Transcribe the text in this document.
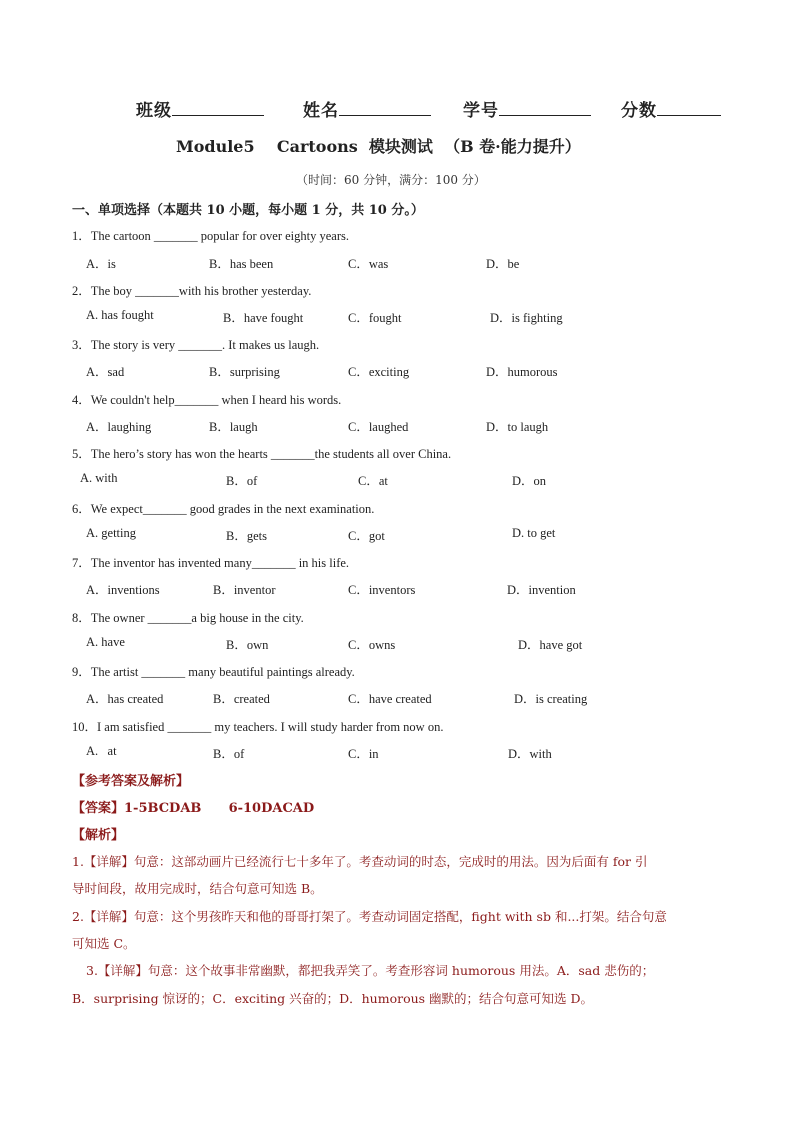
班级	姓名	学号	分数
Module5    Cartoons  模块测试  （B 卷·能力提升）
（时间：60 分钟，满分：100 分）
一、单项选择（本题共 10 小题，每小题 1 分，共 10 分。）
1．The cartoon _______ popular for over eighty years.
A．is	B．has been	C．was	D．be
2．The boy _______with his brother yesterday.
A. has fought	B．have fought	C．fought	D．is fighting
3．The story is very _______. It makes us laugh.
A．sad	B．surprising	C．exciting	D．humorous
4．We couldn't help_______ when I heard his words.
A．laughing	B．laugh	C．laughed	D．to laugh
5．The hero’s story has won the hearts _______the students all over China.
A. with	B．of	C．at	D．on
6．We expect_______ good grades in the next examination.
A. getting	B．gets	C．got	D. to get
7．The inventor has invented many_______ in his life.
A．inventions	B．inventor	C．inventors	D．invention
8．The owner _______a big house in the city.
A. have	B．own	C．owns	D．have got
9．The artist _______ many beautiful paintings already.
A．has created	B．created	C．have created	D．is creating
10．I am satisfied _______ my teachers. I will study harder from now on.
A.   at	B．of	C．in	D．with
【参考答案及解析】
【答案】1-5BCDAB      6-10DACAD
【解析】
1.【详解】句意：这部动画片已经流行七十多年了。考查动词的时态，完成时的用法。因为后面有 for 引
导时间段，故用完成时，结合句意可知选 B。
2.【详解】句意：这个男孩昨天和他的哥哥打架了。考查动词固定搭配，fight with sb 和...打架。结合句意
可知选 C。
3.【详解】句意：这个故事非常幽默，都把我弄笑了。考查形容词 humorous 用法。A．sad 悲伤的；
B．surprising 惊讶的；C．exciting 兴奋的；D．humorous 幽默的；结合句意可知选 D。
